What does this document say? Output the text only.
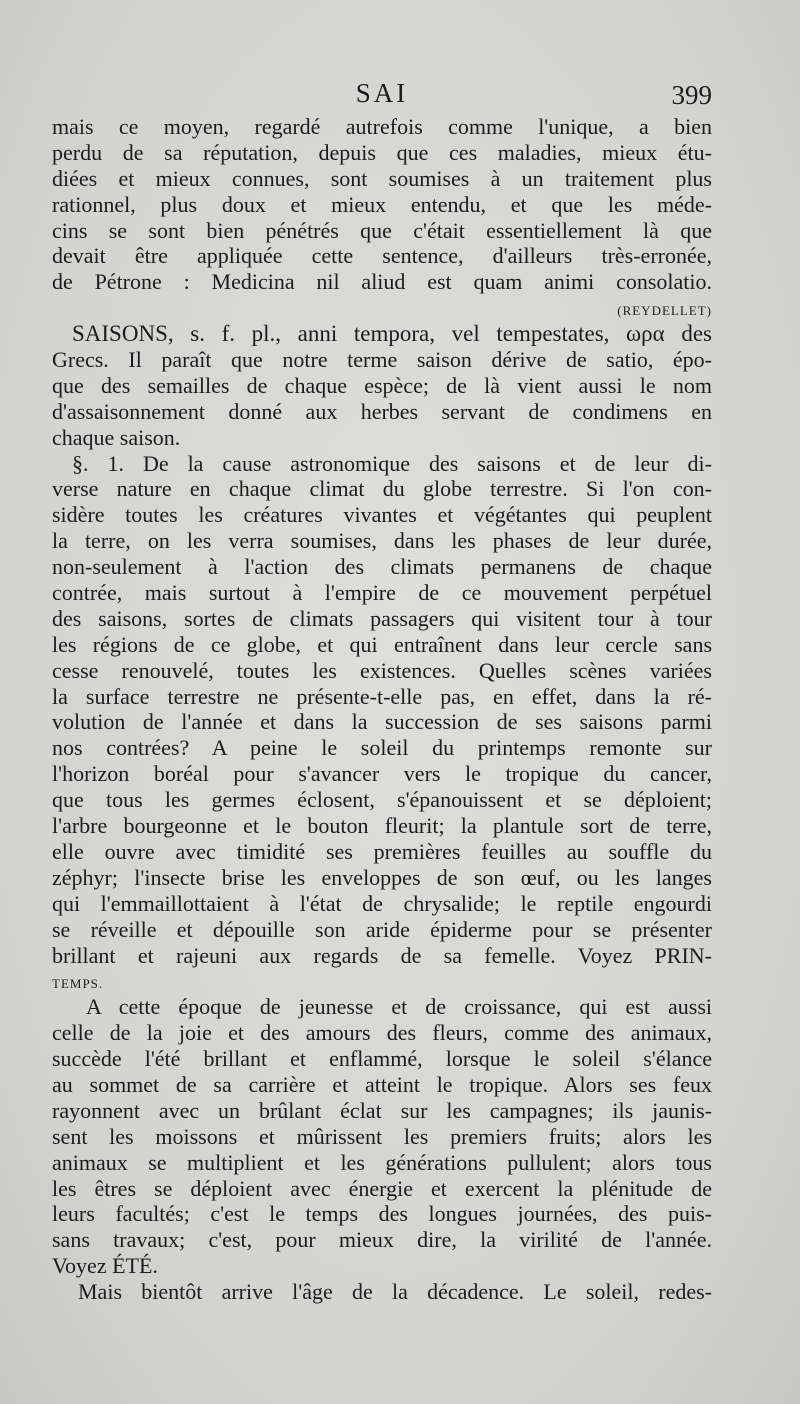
SAI	399
mais ce moyen, regardé autrefois comme l'unique, a bien
perdu de sa réputation, depuis que ces maladies, mieux étu-
diées et mieux connues, sont soumises à un traitement plus
rationnel, plus doux et mieux entendu, et que les méde-
cins se sont bien pénétrés que c'était essentiellement là que
devait être appliquée cette sentence, d'ailleurs très-erronée,
de Pétrone : Medicina nil aliud est quam animi consolatio.
(REYDELLET)
SAISONS, s. f. pl., anni tempora, vel tempestates, ωρα des
Grecs. Il paraît que notre terme saison dérive de satio, épo-
que des semailles de chaque espèce; de là vient aussi le nom
d'assaisonnement donné aux herbes servant de condimens en
chaque saison.
§. 1. De la cause astronomique des saisons et de leur di-
verse nature en chaque climat du globe terrestre. Si l'on con-
sidère toutes les créatures vivantes et végétantes qui peuplent
la terre, on les verra soumises, dans les phases de leur durée,
non-seulement à l'action des climats permanens de chaque
contrée, mais surtout à l'empire de ce mouvement perpétuel
des saisons, sortes de climats passagers qui visitent tour à tour
les régions de ce globe, et qui entraînent dans leur cercle sans
cesse renouvelé, toutes les existences. Quelles scènes variées
la surface terrestre ne présente-t-elle pas, en effet, dans la ré-
volution de l'année et dans la succession de ses saisons parmi
nos contrées? A peine le soleil du printemps remonte sur
l'horizon boréal pour s'avancer vers le tropique du cancer,
que tous les germes éclosent, s'épanouissent et se déploient;
l'arbre bourgeonne et le bouton fleurit; la plantule sort de terre,
elle ouvre avec timidité ses premières feuilles au souffle du
zéphyr; l'insecte brise les enveloppes de son œuf, ou les langes
qui l'emmaillottaient à l'état de chrysalide; le reptile engourdi
se réveille et dépouille son aride épiderme pour se présenter
brillant et rajeuni aux regards de sa femelle. Voyez PRIN-
TEMPS.
A cette époque de jeunesse et de croissance, qui est aussi
celle de la joie et des amours des fleurs, comme des animaux,
succède l'été brillant et enflammé, lorsque le soleil s'élance
au sommet de sa carrière et atteint le tropique. Alors ses feux
rayonnent avec un brûlant éclat sur les campagnes; ils jaunis-
sent les moissons et mûrissent les premiers fruits; alors les
animaux se multiplient et les générations pullulent; alors tous
les êtres se déploient avec énergie et exercent la plénitude de
leurs facultés; c'est le temps des longues journées, des puis-
sans travaux; c'est, pour mieux dire, la virilité de l'année.
Voyez ÉTÉ.
Mais bientôt arrive l'âge de la décadence. Le soleil, redes-
